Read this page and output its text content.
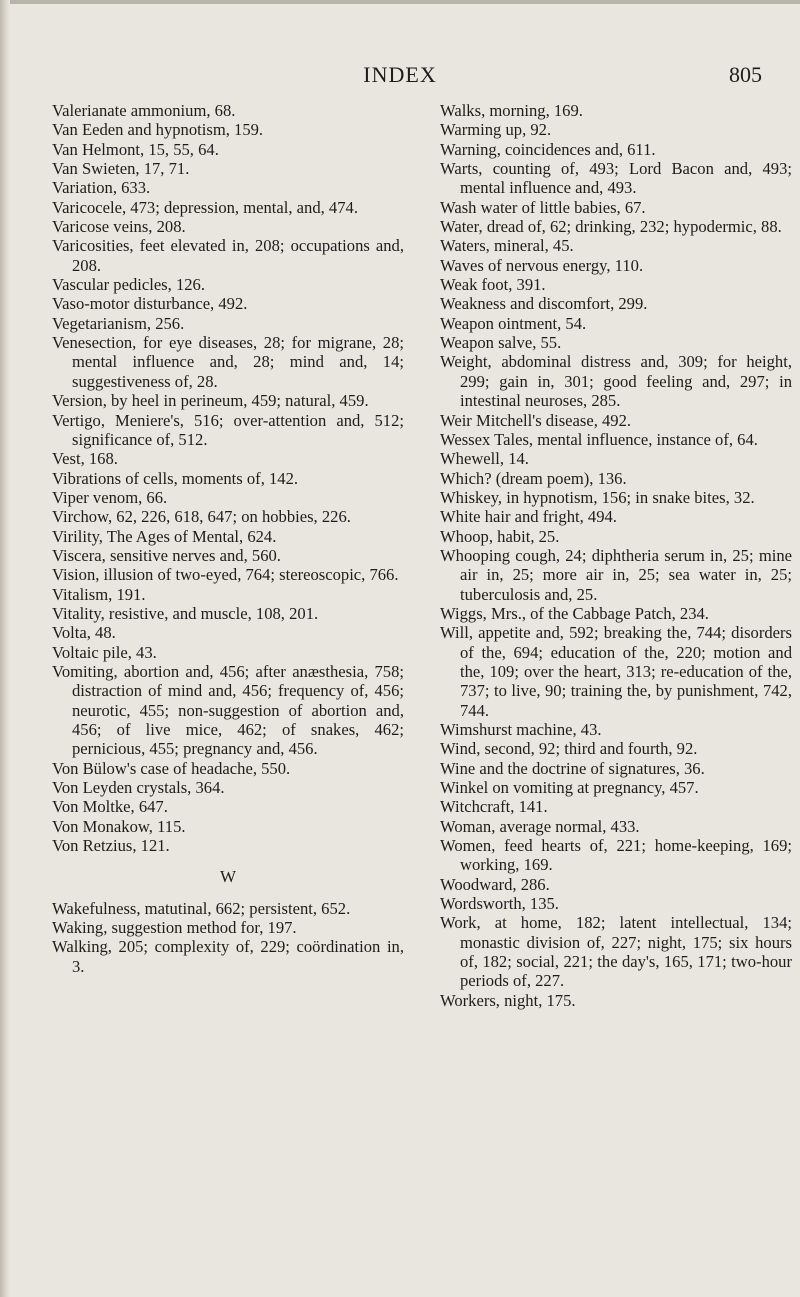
INDEX	805

Valerianate ammonium, 68.

Van Eeden and hypnotism, 159.

Van Helmont, 15, 55, 64.

Van Swieten, 17, 71.

Variation, 633.

Varicocele, 473; depression, mental, and, 474.

Varicose veins, 208.

Varicosities, feet elevated in, 208; occupations and, 208.

Vascular pedicles, 126.

Vaso-motor disturbance, 492.

Vegetarianism, 256.

Venesection, for eye diseases, 28; for migrane, 28; mental influence and, 28; mind and, 14; suggestiveness of, 28.

Version, by heel in perineum, 459; natural, 459.

Vertigo, Meniere's, 516; over-attention and, 512; significance of, 512.

Vest, 168.

Vibrations of cells, moments of, 142.

Viper venom, 66.

Virchow, 62, 226, 618, 647; on hobbies, 226.

Virility, The Ages of Mental, 624.

Viscera, sensitive nerves and, 560.

Vision, illusion of two-eyed, 764; stereoscopic, 766.

Vitalism, 191.

Vitality, resistive, and muscle, 108, 201.

Volta, 48.

Voltaic pile, 43.

Vomiting, abortion and, 456; after anæsthesia, 758; distraction of mind and, 456; frequency of, 456; neurotic, 455; non-suggestion of abortion and, 456; of live mice, 462; of snakes, 462; pernicious, 455; pregnancy and, 456.

Von Bülow's case of headache, 550.

Von Leyden crystals, 364.

Von Moltke, 647.

Von Monakow, 115.

Von Retzius, 121.

W

Wakefulness, matutinal, 662; persistent, 652.

Waking, suggestion method for, 197.

Walking, 205; complexity of, 229; coördination in, 3.

Walks, morning, 169.

Warming up, 92.

Warning, coincidences and, 611.

Warts, counting of, 493; Lord Bacon and, 493; mental influence and, 493.

Wash water of little babies, 67.

Water, dread of, 62; drinking, 232; hypodermic, 88.

Waters, mineral, 45.

Waves of nervous energy, 110.

Weak foot, 391.

Weakness and discomfort, 299.

Weapon ointment, 54.

Weapon salve, 55.

Weight, abdominal distress and, 309; for height, 299; gain in, 301; good feeling and, 297; in intestinal neuroses, 285.

Weir Mitchell's disease, 492.

Wessex Tales, mental influence, instance of, 64.

Whewell, 14.

Which? (dream poem), 136.

Whiskey, in hypnotism, 156; in snake bites, 32.

White hair and fright, 494.

Whoop, habit, 25.

Whooping cough, 24; diphtheria serum in, 25; mine air in, 25; more air in, 25; sea water in, 25; tuberculosis and, 25.

Wiggs, Mrs., of the Cabbage Patch, 234.

Will, appetite and, 592; breaking the, 744; disorders of the, 694; education of the, 220; motion and the, 109; over the heart, 313; re-education of the, 737; to live, 90; training the, by punishment, 742, 744.

Wimshurst machine, 43.

Wind, second, 92; third and fourth, 92.

Wine and the doctrine of signatures, 36.

Winkel on vomiting at pregnancy, 457.

Witchcraft, 141.

Woman, average normal, 433.

Women, feed hearts of, 221; home-keeping, 169; working, 169.

Woodward, 286.

Wordsworth, 135.

Work, at home, 182; latent intellectual, 134; monastic division of, 227; night, 175; six hours of, 182; social, 221; the day's, 165, 171; two-hour periods of, 227.

Workers, night, 175.
